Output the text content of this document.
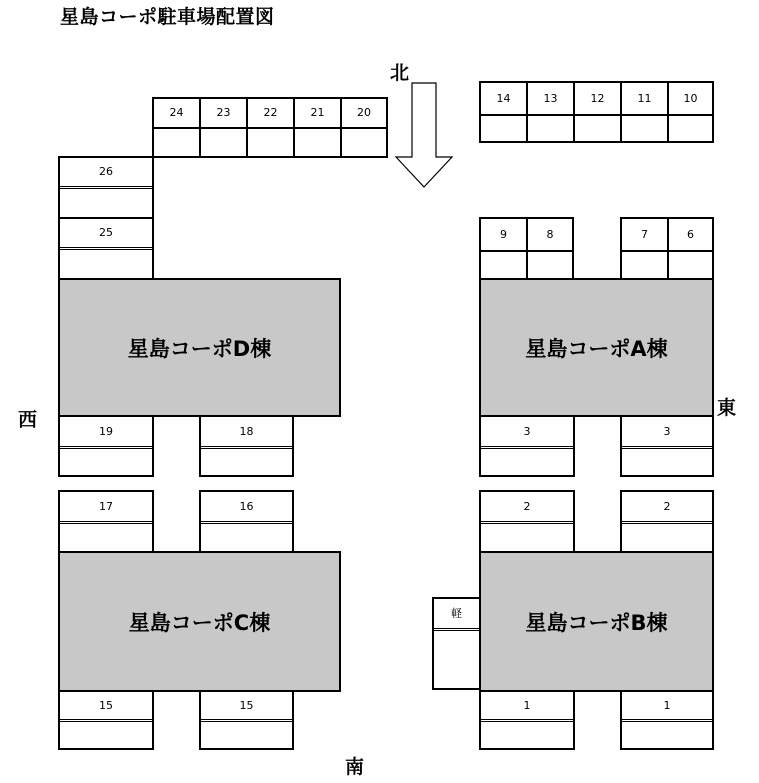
星島コーポ駐車場配置図
北
西
東
南
24	23	22	21	20
14	13	12	11	10
26
25	9	8	7	6
星島コーポD棟	星島コーポA棟
19	18	3	3
17	16	2	2
星島コーポC棟	軽	星島コーポB棟
15	15	1	1
